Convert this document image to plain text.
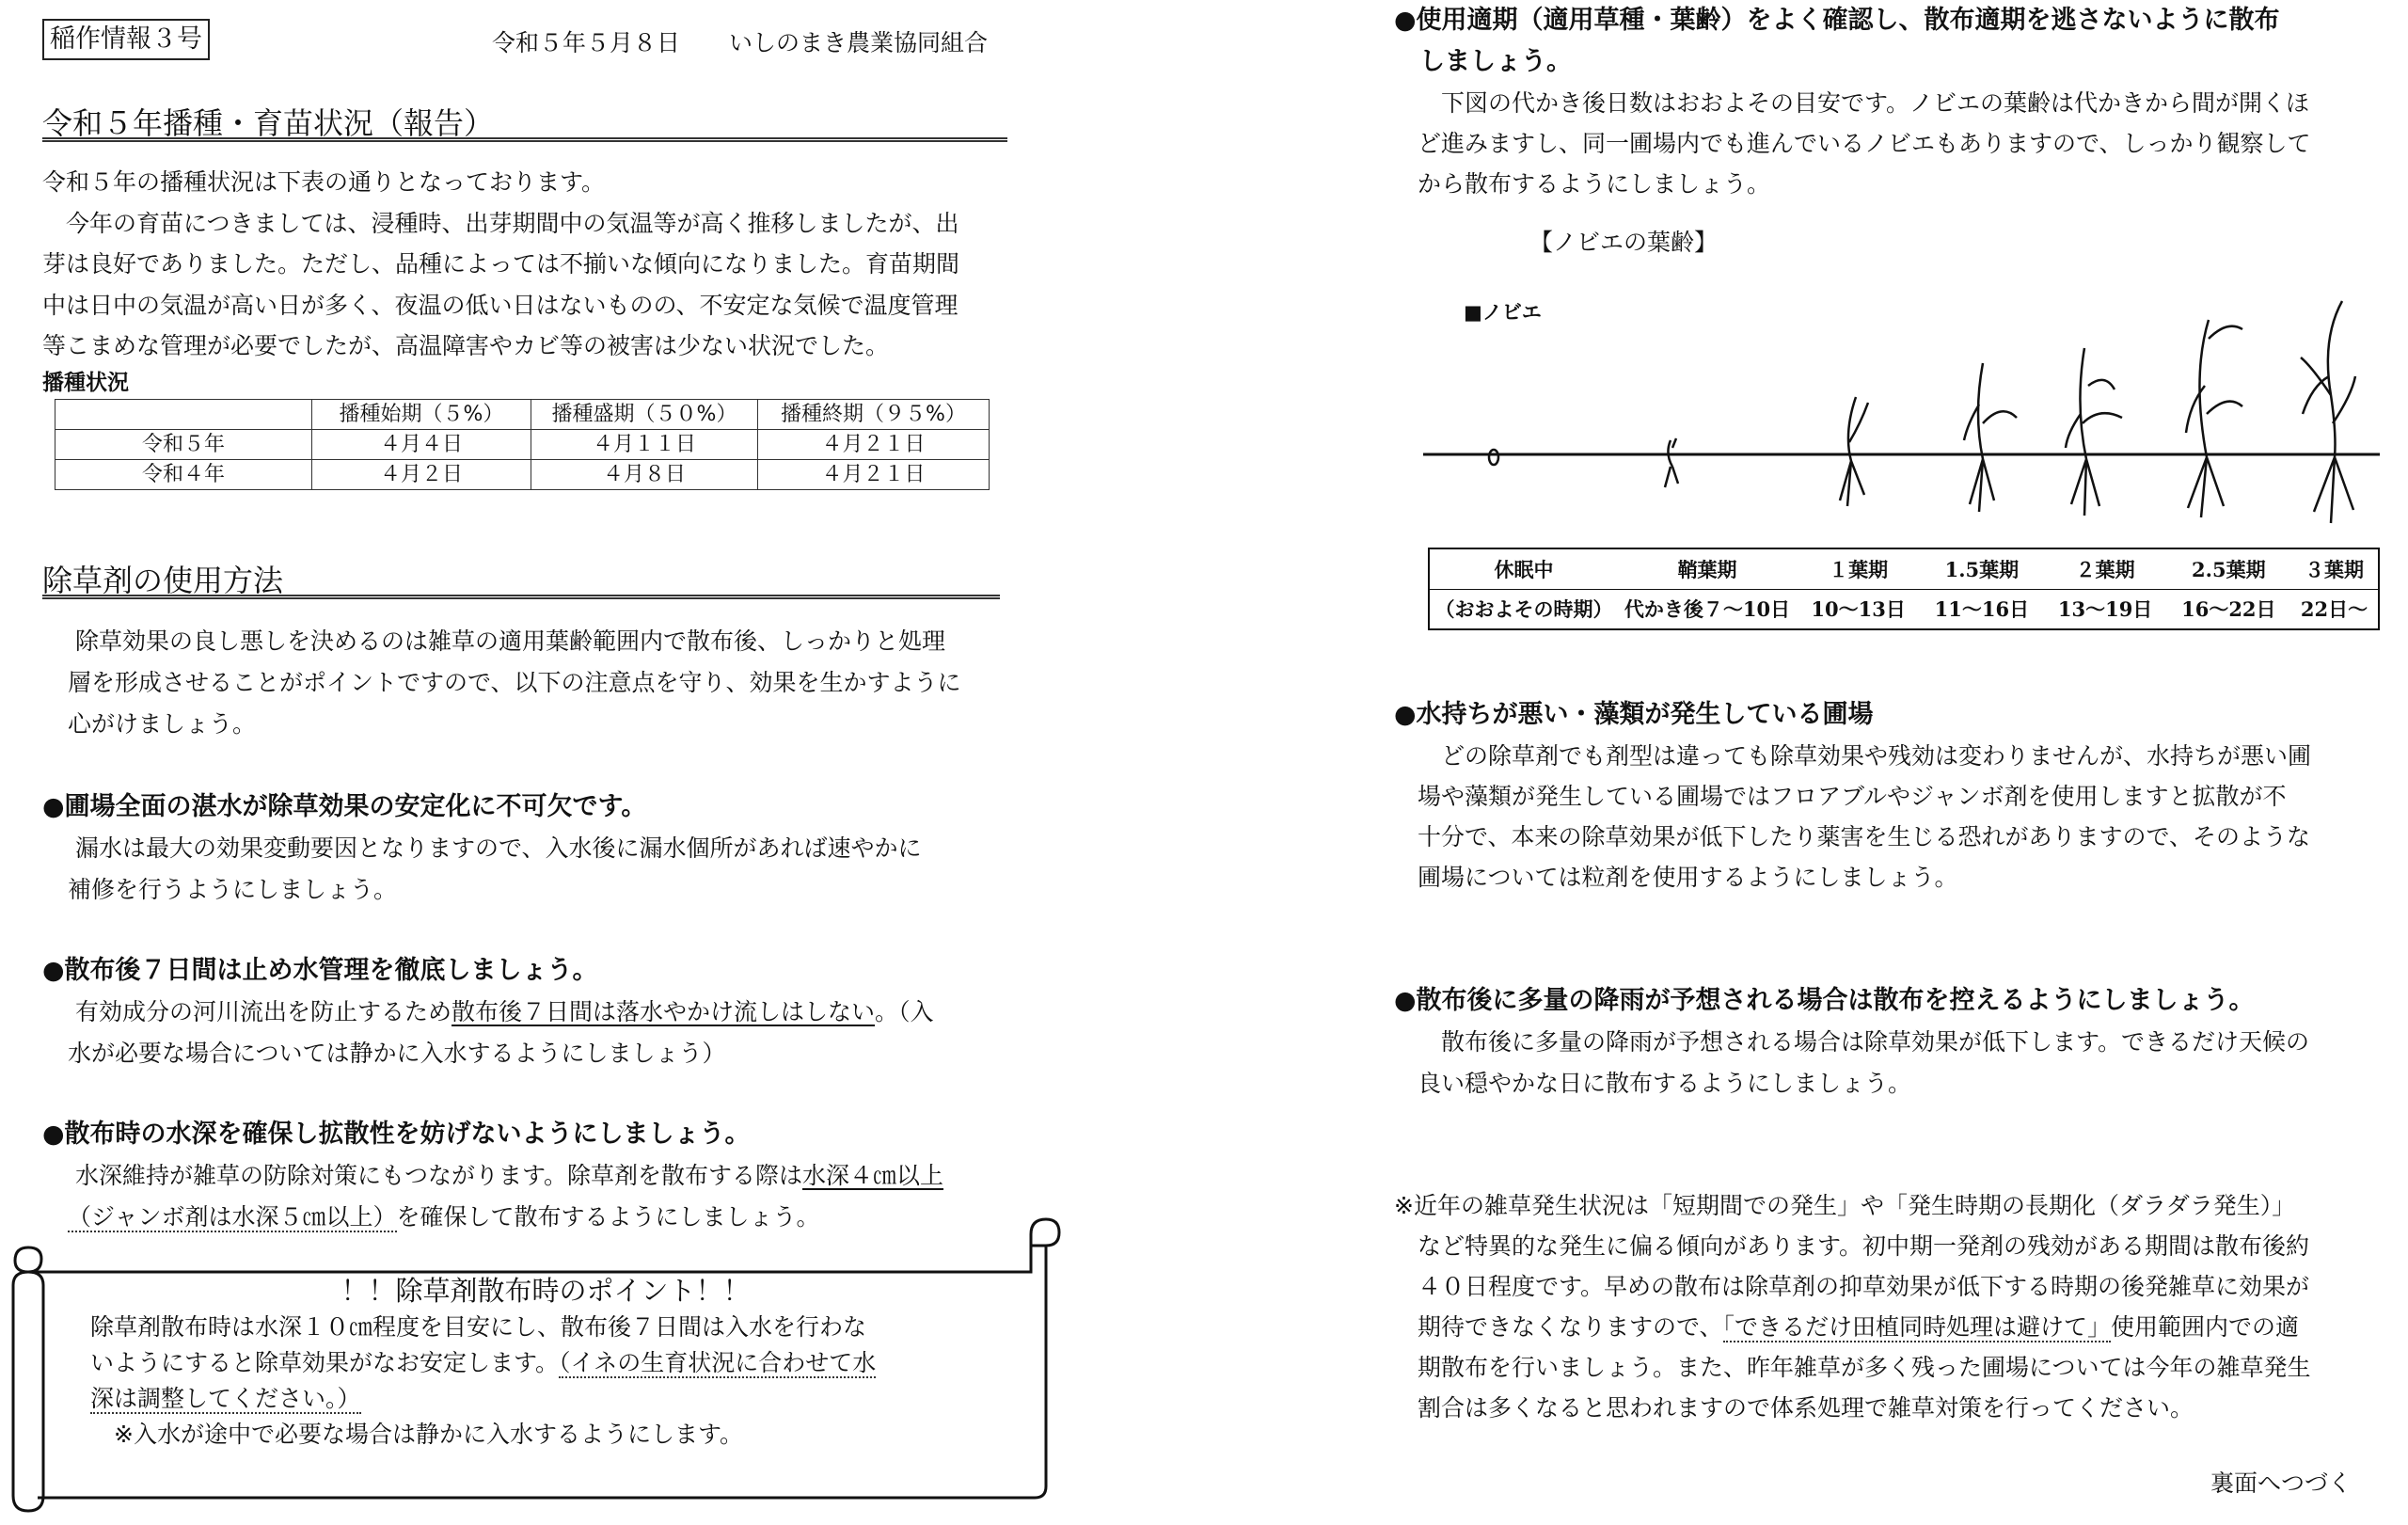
稲作情報３号	令和５年５月８日 いしのまき農業協同組合
令和５年播種・育苗状況（報告）
令和５年の播種状況は下表の通りとなっております。
　今年の育苗につきましては、浸種時、出芽期間中の気温等が高く推移しましたが、出
芽は良好でありました。ただし、品種によっては不揃いな傾向になりました。育苗期間
中は日中の気温が高い日が多く、夜温の低い日はないものの、不安定な気候で温度管理
等こまめな管理が必要でしたが、高温障害やカビ等の被害は少ない状況でした。
播種状況
	播種始期（５%）	播種盛期（５０%）	播種終期（９５%）
令和５年	４月４日	４月１１日	４月２１日
令和４年	４月２日	４月８日	４月２１日
除草剤の使用方法
　除草効果の良し悪しを決めるのは雑草の適用葉齢範囲内で散布後、しっかりと処理
層を形成させることがポイントですので、以下の注意点を守り、効果を生かすように
心がけましょう。
●圃場全面の湛水が除草効果の安定化に不可欠です。
　漏水は最大の効果変動要因となりますので、入水後に漏水個所があれば速やかに
補修を行うようにしましょう。
●散布後７日間は止め水管理を徹底しましょう。
　有効成分の河川流出を防止するため散布後７日間は落水やかけ流しはしない。（入
水が必要な場合については静かに入水するようにしましょう）
●散布時の水深を確保し拡散性を妨げないようにしましょう。
　水深維持が雑草の防除対策にもつながります。除草剤を散布する際は水深４㎝以上
（ジャンボ剤は水深５㎝以上）を確保して散布するようにしましょう。
！！除草剤散布時のポイント！！
除草剤散布時は水深１０㎝程度を目安にし、散布後７日間は入水を行わな
いようにすると除草効果がなお安定します。（イネの生育状況に合わせて水
深は調整してください。）
　※入水が途中で必要な場合は静かに入水するようにします。
●使用適期（適用草種・葉齢）をよく確認し、散布適期を逃さないように散布
　しましょう。
　　下図の代かき後日数はおおよその目安です。ノビエの葉齢は代かきから間が開くほ
　ど進みますし、同一圃場内でも進んでいるノビエもありますので、しっかり観察して
　から散布するようにしましょう。
【ノビエの葉齢】
■ノビエ
休眠中	鞘葉期	１葉期	1.5葉期	２葉期	2.5葉期	３葉期
（おおよその時期）	代かき後７～10日	10～13日	11～16日	13～19日	16～22日	22日～
●水持ちが悪い・藻類が発生している圃場
　　どの除草剤でも剤型は違っても除草効果や残効は変わりませんが、水持ちが悪い圃
　場や藻類が発生している圃場ではフロアブルやジャンボ剤を使用しますと拡散が不
　十分で、本来の除草効果が低下したり薬害を生じる恐れがありますので、そのような
　圃場については粒剤を使用するようにしましょう。
●散布後に多量の降雨が予想される場合は散布を控えるようにしましょう。
　　散布後に多量の降雨が予想される場合は除草効果が低下します。できるだけ天候の
　良い穏やかな日に散布するようにしましょう。
※近年の雑草発生状況は「短期間での発生」や「発生時期の長期化（ダラダラ発生）」
　など特異的な発生に偏る傾向があります。初中期一発剤の残効がある期間は散布後約
　４０日程度です。早めの散布は除草剤の抑草効果が低下する時期の後発雑草に効果が
　期待できなくなりますので、「できるだけ田植同時処理は避けて」使用範囲内での適
　期散布を行いましょう。また、昨年雑草が多く残った圃場については今年の雑草発生
　割合は多くなると思われますので体系処理で雑草対策を行ってください。
裏面へつづく
